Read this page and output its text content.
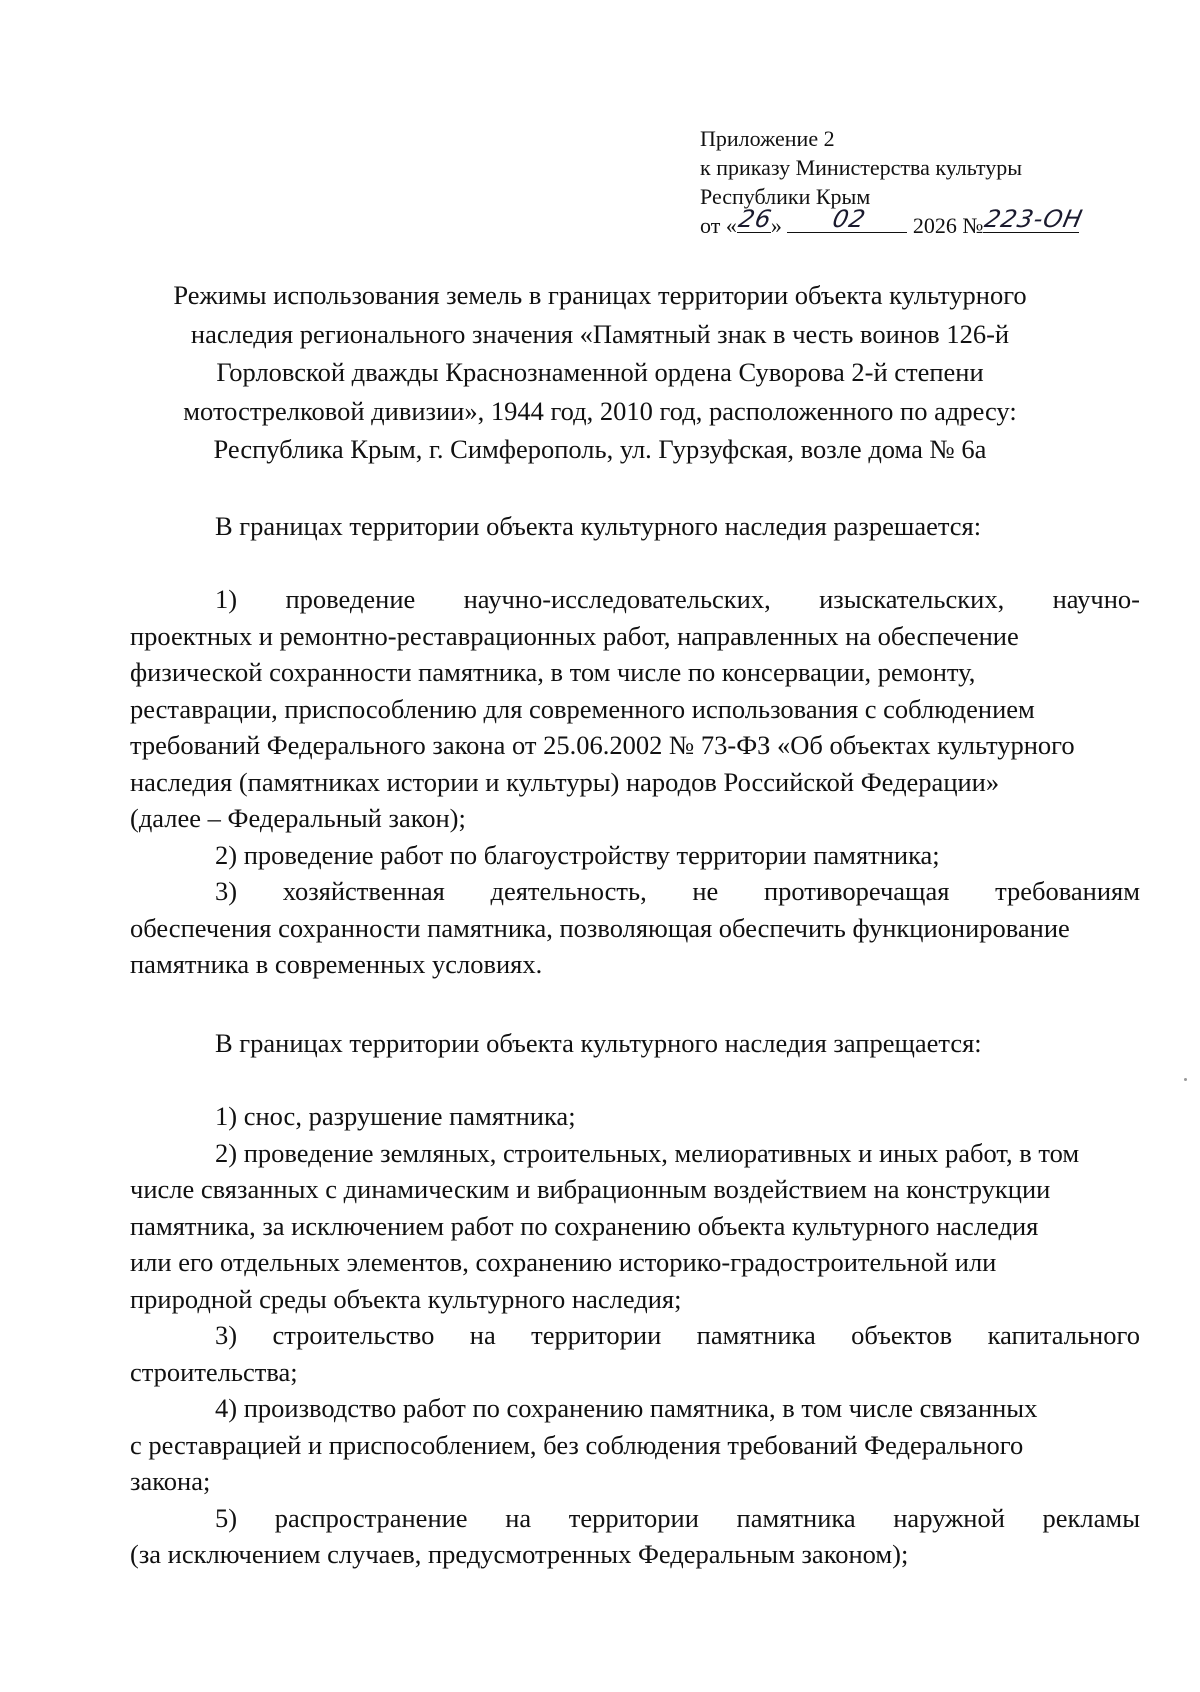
Приложение 2
к приказу Министерства культуры
Республики Крым
от « 26
» 02 2026 № 223-ОН
Режимы использования земель в границах территории объекта культурного
наследия регионального значения «Памятный знак в честь воинов 126-й
Горловской дважды Краснознаменной ордена Суворова 2-й степени
мотострелковой дивизии», 1944 год, 2010 год, расположенного по адресу:
Республика Крым, г. Симферополь, ул. Гурзуфская, возле дома № 6а
В границах территории объекта культурного наследия разрешается:
1) проведение научно-исследовательских, изыскательских, научно-
проектных и ремонтно-реставрационных работ, направленных на обеспечение
физической сохранности памятника, в том числе по консервации, ремонту,
реставрации, приспособлению для современного использования с соблюдением
требований Федерального закона от 25.06.2002 № 73-ФЗ «Об объектах культурного
наследия (памятниках истории и культуры) народов Российской Федерации»
(далее – Федеральный закон);
2) проведение работ по благоустройству территории памятника;
3) хозяйственная деятельность, не противоречащая требованиям
обеспечения сохранности памятника, позволяющая обеспечить функционирование
памятника в современных условиях.
В границах территории объекта культурного наследия запрещается:
1) снос, разрушение памятника;
2) проведение земляных, строительных, мелиоративных и иных работ, в том
числе связанных с динамическим и вибрационным воздействием на конструкции
памятника, за исключением работ по сохранению объекта культурного наследия
или его отдельных элементов, сохранению историко-градостроительной или
природной среды объекта культурного наследия;
3) строительство на территории памятника объектов капитального
строительства;
4) производство работ по сохранению памятника, в том числе связанных
с реставрацией и приспособлением, без соблюдения требований Федерального
закона;
5) распространение на территории памятника наружной рекламы
(за исключением случаев, предусмотренных Федеральным законом);
